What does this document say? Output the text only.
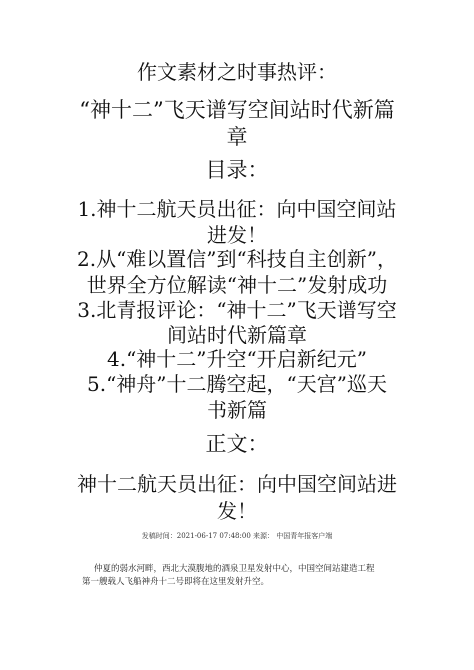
作文素材之时事热评：
“神十二”飞天谱写空间站时代新篇
章
目录：
1.神十二航天员出征：向中国空间站
进发！
2.从“难以置信”到“科技自主创新”，
世界全方位解读“神十二”发射成功
3.北青报评论：“神十二”飞天谱写空
间站时代新篇章
4.“神十二”升空“开启新纪元”
5.“神舟”十二腾空起，“天宫”巡天
书新篇
正文：
神十二航天员出征：向中国空间站进
发！
发稿时间：2021-06-17 07:48:00 来源： 中国青年报客户端
仲夏的弱水河畔，西北大漠腹地的酒泉卫星发射中心，中国空间站建造工程
第一艘载人飞船神舟十二号即将在这里发射升空。
